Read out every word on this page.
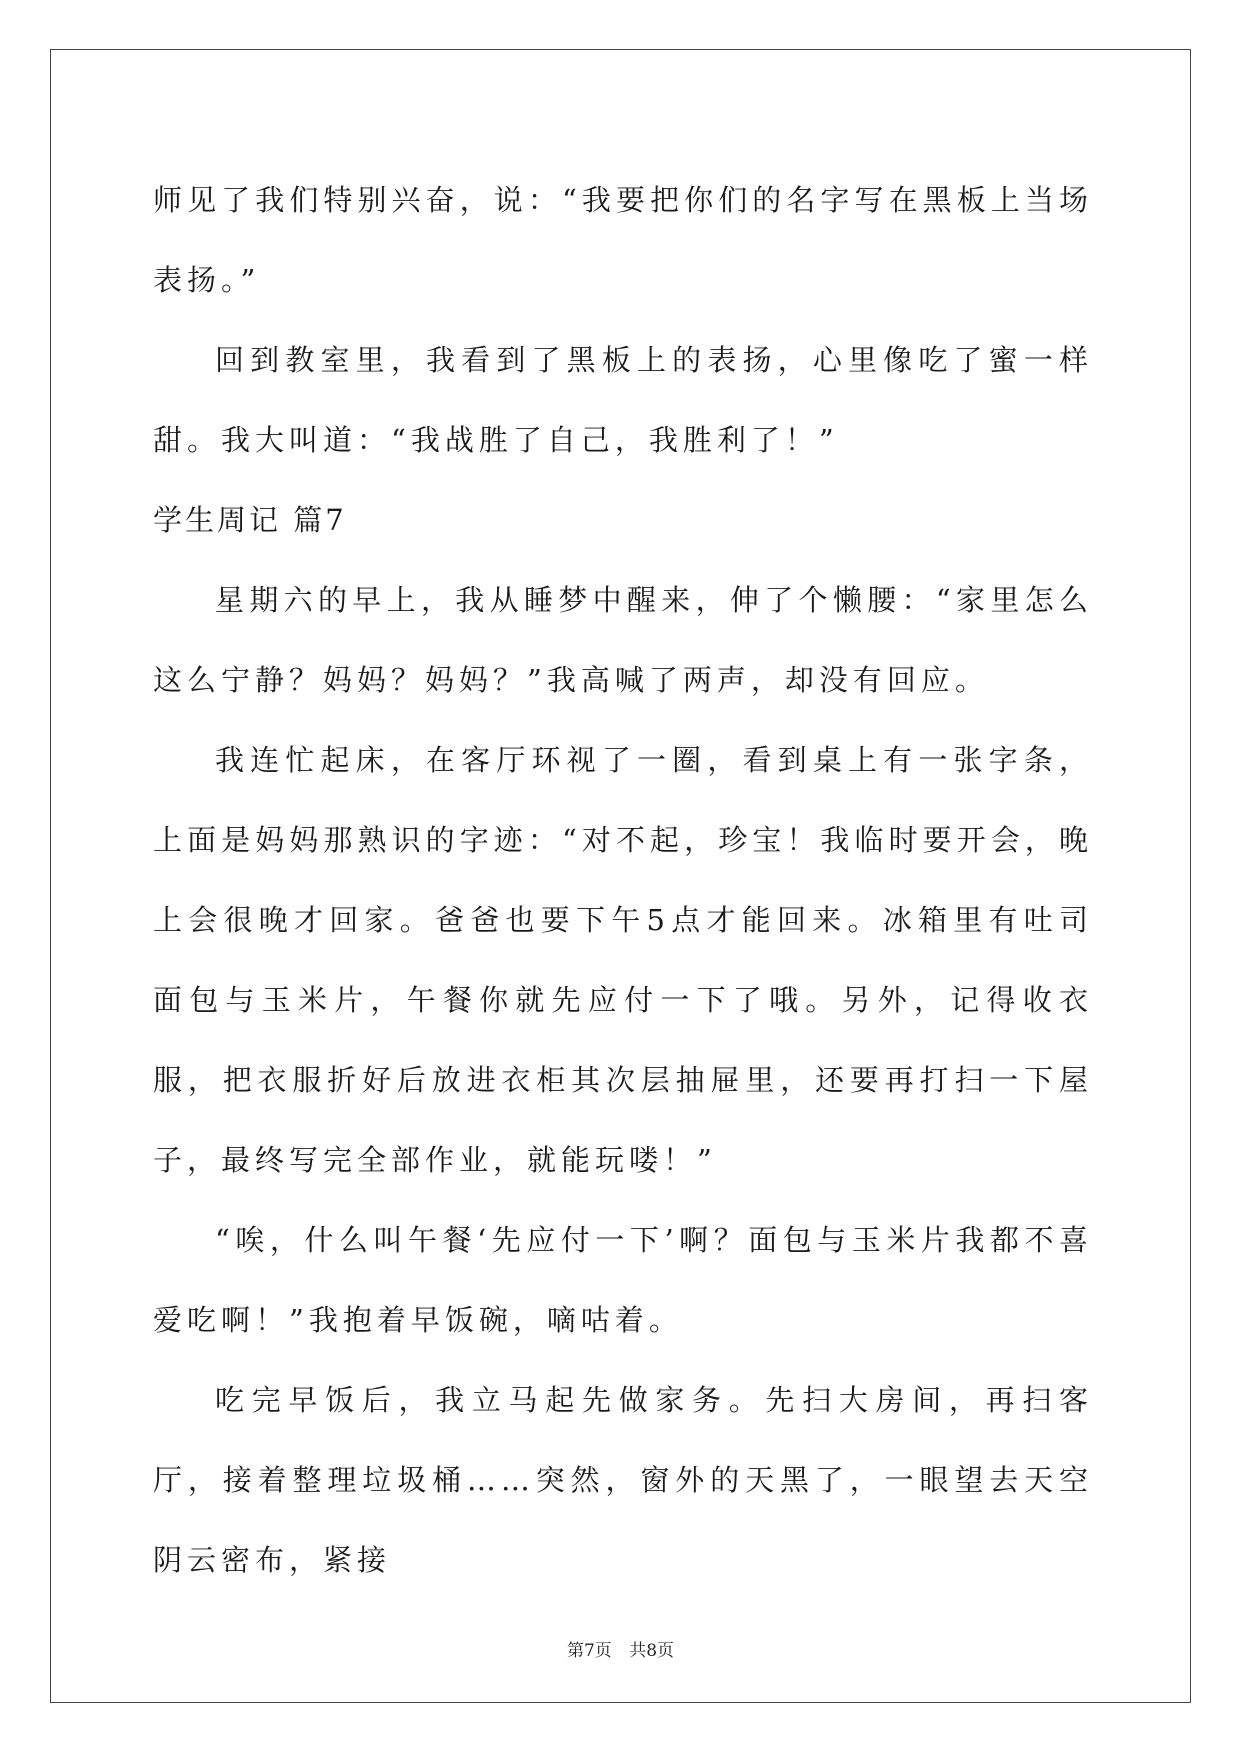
师见了我们特别兴奋，说：“我要把你们的名字写在黑板上当场表扬。”

回到教室里，我看到了黑板上的表扬，心里像吃了蜜一样甜。我大叫道：“我战胜了自己，我胜利了！”

学生周记 篇7

星期六的早上，我从睡梦中醒来，伸了个懒腰：“家里怎么这么宁静？妈妈？妈妈？”我高喊了两声，却没有回应。

我连忙起床，在客厅环视了一圈，看到桌上有一张字条，上面是妈妈那熟识的字迹：“对不起，珍宝！我临时要开会，晚上会很晚才回家。爸爸也要下午5点才能回来。冰箱里有吐司面包与玉米片，午餐你就先应付一下了哦。另外，记得收衣服，把衣服折好后放进衣柜其次层抽屉里，还要再打扫一下屋子，最终写完全部作业，就能玩喽！”

“唉，什么叫午餐‘先应付一下’啊？面包与玉米片我都不喜爱吃啊！”我抱着早饭碗，嘀咕着。

吃完早饭后，我立马起先做家务。先扫大房间，再扫客厅，接着整理垃圾桶……突然，窗外的天黑了，一眼望去天空阴云密布，紧接

第7页 共8页
